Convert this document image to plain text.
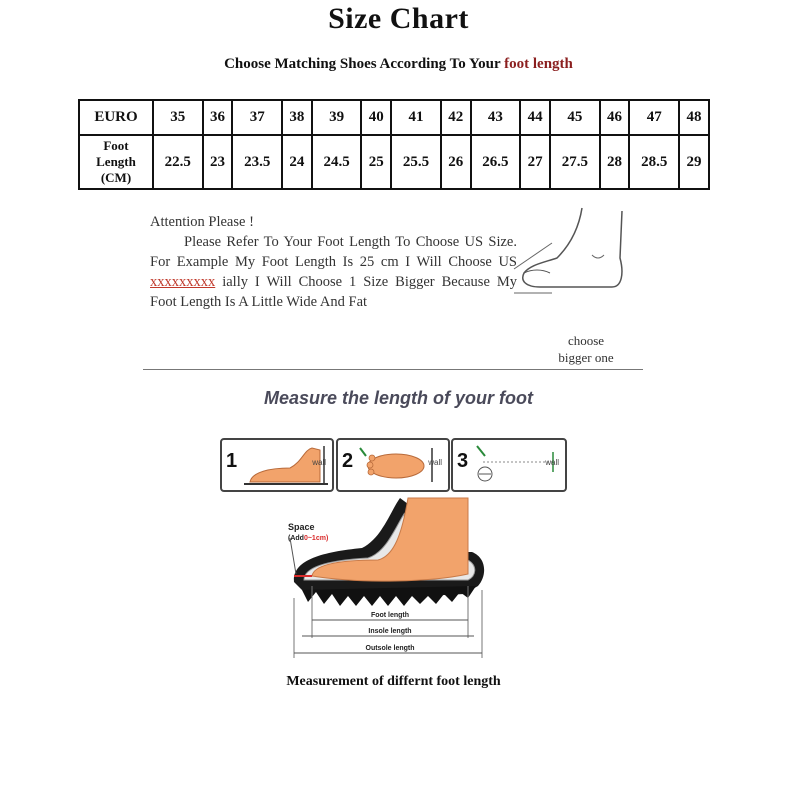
Size Chart
Choose Matching Shoes According To Your foot length
EURO	35	36	37	38	39	40	41	42	43	44	45	46	47	48

Foot
Length
(CM)	22.5	23	23.5	24	24.5	25	25.5	26	26.5	27	27.5	28	28.5	29
Attention Please !
Please Refer To Your Foot Length To Choose US Size. For Example My Foot Length Is 25 cm I Will Choose US xxxxxxxxx ially I Will Choose 1 Size Bigger Because My Foot Length Is A Little Wide And Fat
choose
bigger one
Measure the length of your foot
1	wall 2	wall 3	wall
Space
(Add0~1cm)
Foot length
Insole length
Outsole length
Measurement of differnt foot length
